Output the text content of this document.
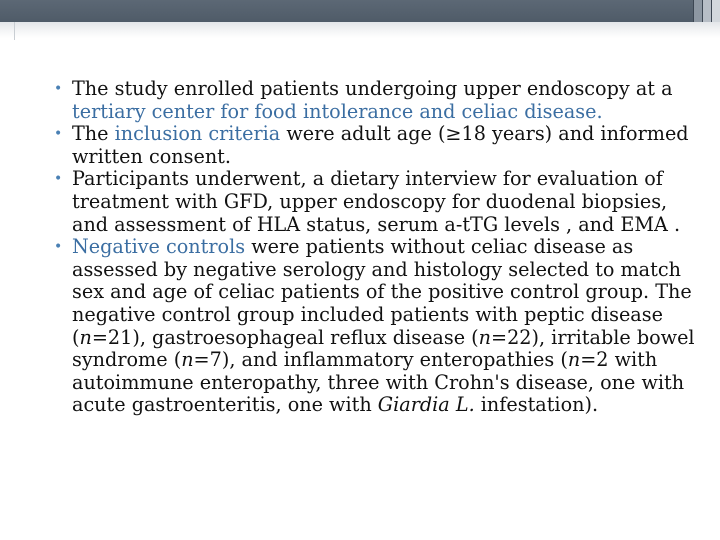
• The study enrolled patients undergoing upper endoscopy at a tertiary center for food intolerance and celiac disease.
• The inclusion criteria were adult age (≥18 years) and informed written consent.
• Participants underwent, a dietary interview for evaluation of treatment with GFD, upper endoscopy for duodenal biopsies, and assessment of HLA status, serum a-tTG levels , and EMA .
• Negative controls were patients without celiac disease as assessed by negative serology and histology selected to match sex and age of celiac patients of the positive control group. The negative control group included patients with peptic disease (n=21), gastroesophageal reflux disease (n=22), irritable bowel syndrome (n=7), and inflammatory enteropathies (n=2 with autoimmune enteropathy, three with Crohn's disease, one with acute gastroenteritis, one with Giardia L. infestation).
